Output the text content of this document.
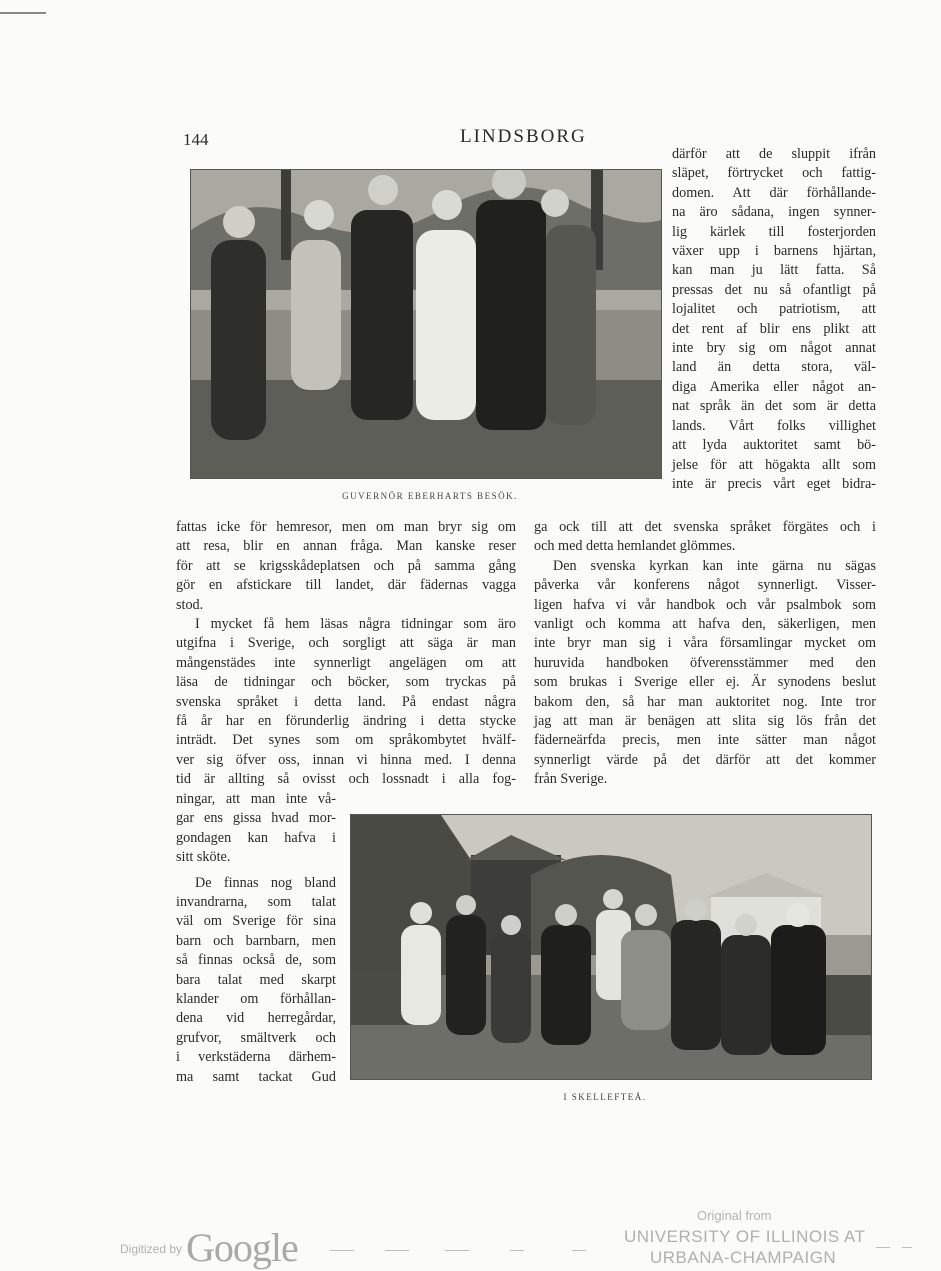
144	LINDSBORG
GUVERNÖR EBERHARTS BESÖK.
därför att de sluppit ifrån
släpet, förtrycket och fattig-
domen. Att där förhållande-
na äro sådana, ingen synner-
lig kärlek till fosterjorden
växer upp i barnens hjärtan,
kan man ju lätt fatta. Så
pressas det nu så ofantligt på
lojalitet och patriotism, att
det rent af blir ens plikt att
inte bry sig om något annat
land än detta stora, väl-
diga Amerika eller något an-
nat språk än det som är detta
lands. Vårt folks villighet
att lyda auktoritet samt bö-
jelse för att högakta allt som
inte är precis vårt eget bidra-
fattas icke för hemresor, men om man bryr sig om
att resa, blir en annan fråga. Man kanske reser
för att se krigsskådeplatsen och på samma gång
gör en afstickare till landet, där fädernas vagga
stod.
I mycket få hem läsas några tidningar som äro
utgifna i Sverige, och sorgligt att säga är man
mångenstädes inte synnerligt angelägen om att
läsa de tidningar och böcker, som tryckas på
svenska språket i detta land. På endast några
få år har en förunderlig ändring i detta stycke
inträdt. Det synes som om språkombytet hvälf-
ver sig öfver oss, innan vi hinna med. I denna
tid är allting så ovisst och lossnadt i alla fog-
ningar, att man inte vå-
gar ens gissa hvad mor-
gondagen kan hafva i
sitt sköte.
De finnas nog bland
invandrarna, som talat
väl om Sverige för sina
barn och barnbarn, men
så finnas också de, som
bara talat med skarpt
klander om förhållan-
dena vid herregårdar,
grufvor, smältverk och
i verkstäderna därhem-
ma samt tackat Gud
ga ock till att det svenska språket förgätes och i
och med detta hemlandet glömmes.
Den svenska kyrkan kan inte gärna nu sägas
påverka vår konferens något synnerligt. Visser-
ligen hafva vi vår handbok och vår psalmbok som
vanligt och komma att hafva den, säkerligen, men
inte bryr man sig i våra församlingar mycket om
huruvida handboken öfverensstämmer med den
som brukas i Sverige eller ej. Är synodens beslut
bakom den, så har man auktoritet nog. Inte tror
jag att man är benägen att slita sig lös från det
fäderneärfda precis, men inte sätter man något
synnerligt värde på det därför att det kommer
från Sverige.
I SKELLEFTEÅ.
Digitized by Google
Original from
UNIVERSITY OF ILLINOIS AT
URBANA-CHAMPAIGN
